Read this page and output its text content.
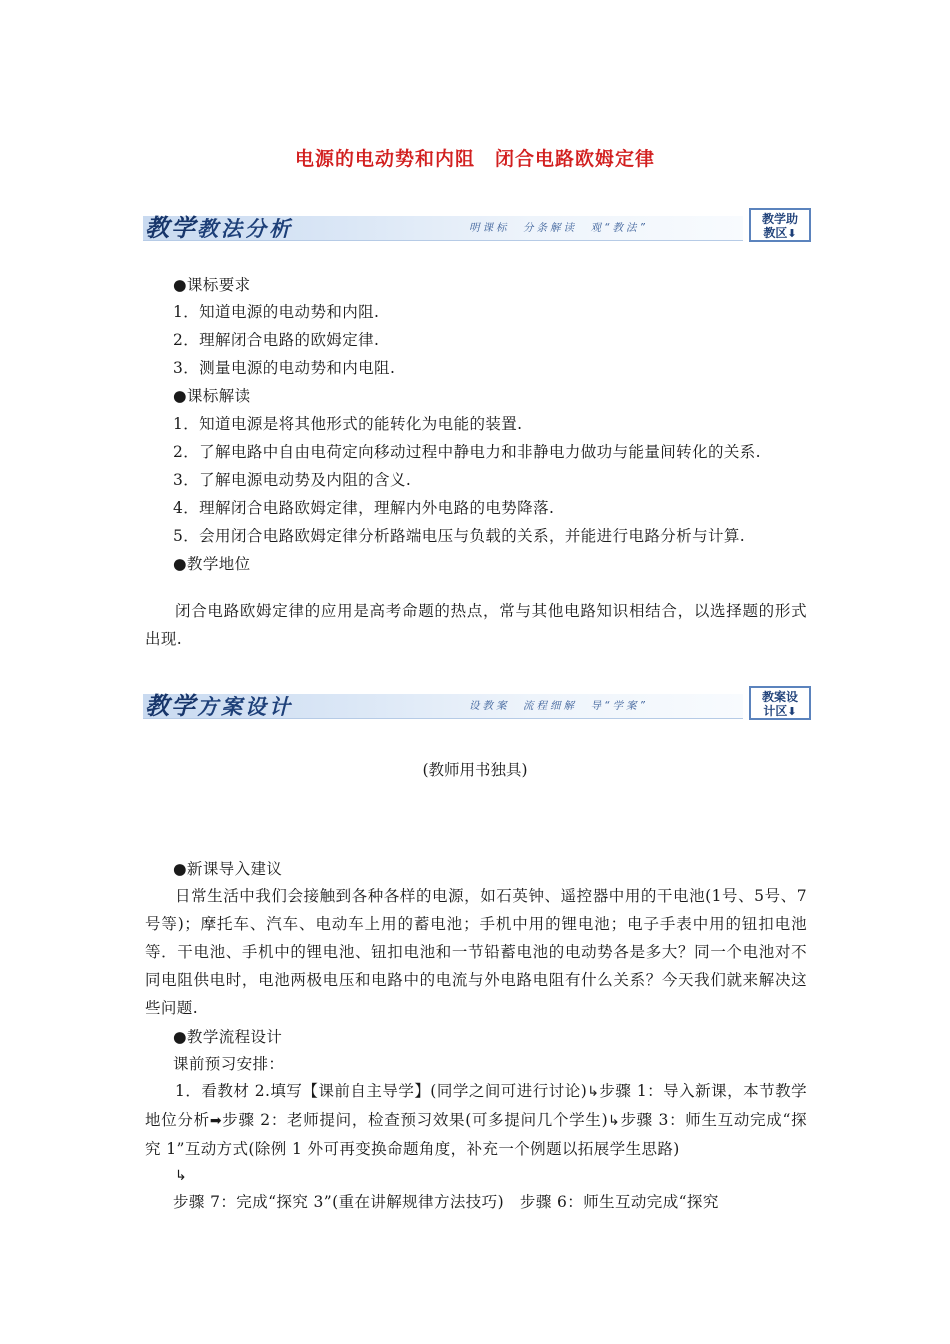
电源的电动势和内阻　闭合电路欧姆定律
教学教法分析	明课标　分条解读　观“教法”
教学助
教区⬇
●课标要求
1．知道电源的电动势和内阻.
2．理解闭合电路的欧姆定律.
3．测量电源的电动势和内电阻.
●课标解读
1．知道电源是将其他形式的能转化为电能的装置.
2．了解电路中自由电荷定向移动过程中静电力和非静电力做功与能量间转化的关系.
3．了解电源电动势及内阻的含义.
4．理解闭合电路欧姆定律，理解内外电路的电势降落.
5．会用闭合电路欧姆定律分析路端电压与负载的关系，并能进行电路分析与计算.
●教学地位
闭合电路欧姆定律的应用是高考命题的热点，常与其他电路知识相结合，以选择题的形式出现.
教学方案设计	设教案　流程细解　导“学案”
教案设
计区⬇
(教师用书独具)
●新课导入建议
日常生活中我们会接触到各种各样的电源，如石英钟、遥控器中用的干电池(1号、5号、7号等)；摩托车、汽车、电动车上用的蓄电池；手机中用的锂电池；电子手表中用的钮扣电池等．干电池、手机中的锂电池、钮扣电池和一节铅蓄电池的电动势各是多大？同一个电池对不同电阻供电时，电池两极电压和电路中的电流与外电路电阻有什么关系？今天我们就来解决这些问题.
●教学流程设计
课前预习安排：
1．看教材 2.填写【课前自主导学】(同学之间可进行讨论)↳步骤 1：导入新课，本节教学地位分析➡步骤 2：老师提问，检查预习效果(可多提问几个学生)↳步骤 3：师生互动完成“探究 1”互动方式(除例 1 外可再变换命题角度，补充一个例题以拓展学生思路)
↳
步骤 7：完成“探究 3”(重在讲解规律方法技巧)　步骤 6：师生互动完成“探究
